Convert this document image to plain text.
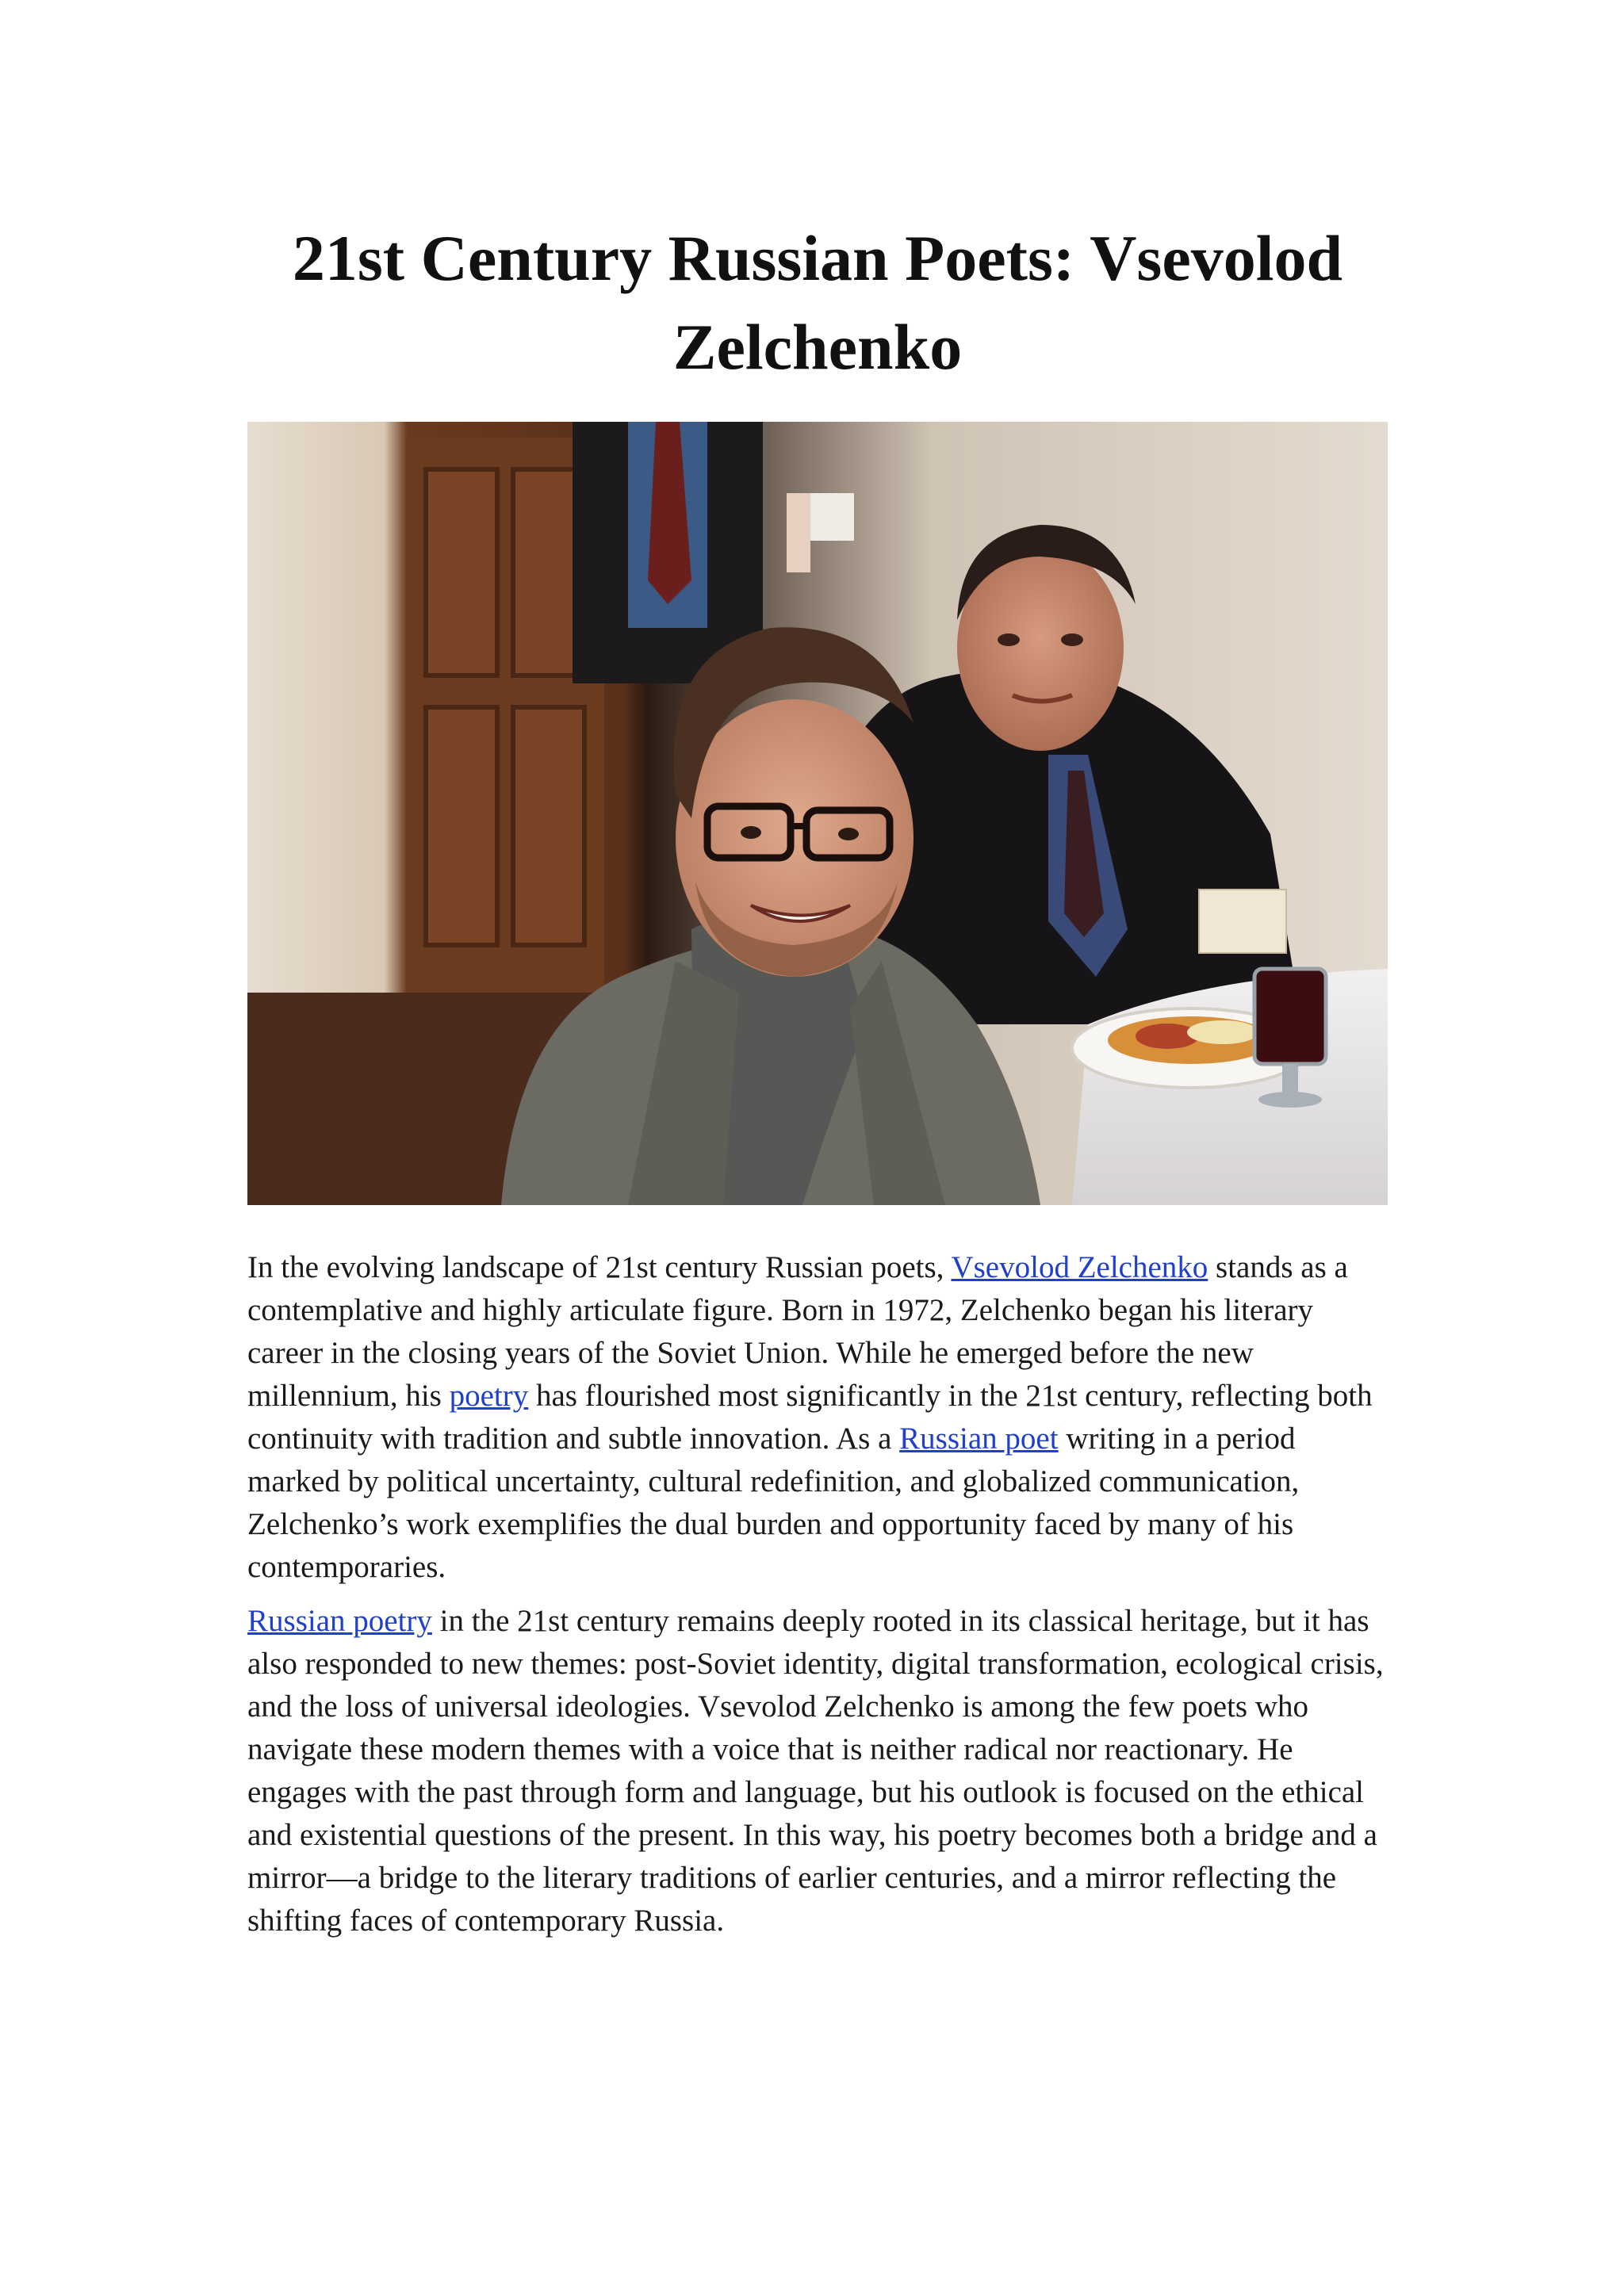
21st Century Russian Poets: Vsevolod Zelchenko

In the evolving landscape of 21st century Russian poets, Vsevolod Zelchenko stands as a contemplative and highly articulate figure. Born in 1972, Zelchenko began his literary career in the closing years of the Soviet Union. While he emerged before the new millennium, his poetry has flourished most significantly in the 21st century, reflecting both continuity with tradition and subtle innovation. As a Russian poet writing in a period marked by political uncertainty, cultural redefinition, and globalized communication, Zelchenko’s work exemplifies the dual burden and opportunity faced by many of his contemporaries.

Russian poetry in the 21st century remains deeply rooted in its classical heritage, but it has also responded to new themes: post-Soviet identity, digital transformation, ecological crisis, and the loss of universal ideologies. Vsevolod Zelchenko is among the few poets who navigate these modern themes with a voice that is neither radical nor reactionary. He engages with the past through form and language, but his outlook is focused on the ethical and existential questions of the present. In this way, his poetry becomes both a bridge and a mirror—a bridge to the literary traditions of earlier centuries, and a mirror reflecting the shifting faces of contemporary Russia.
